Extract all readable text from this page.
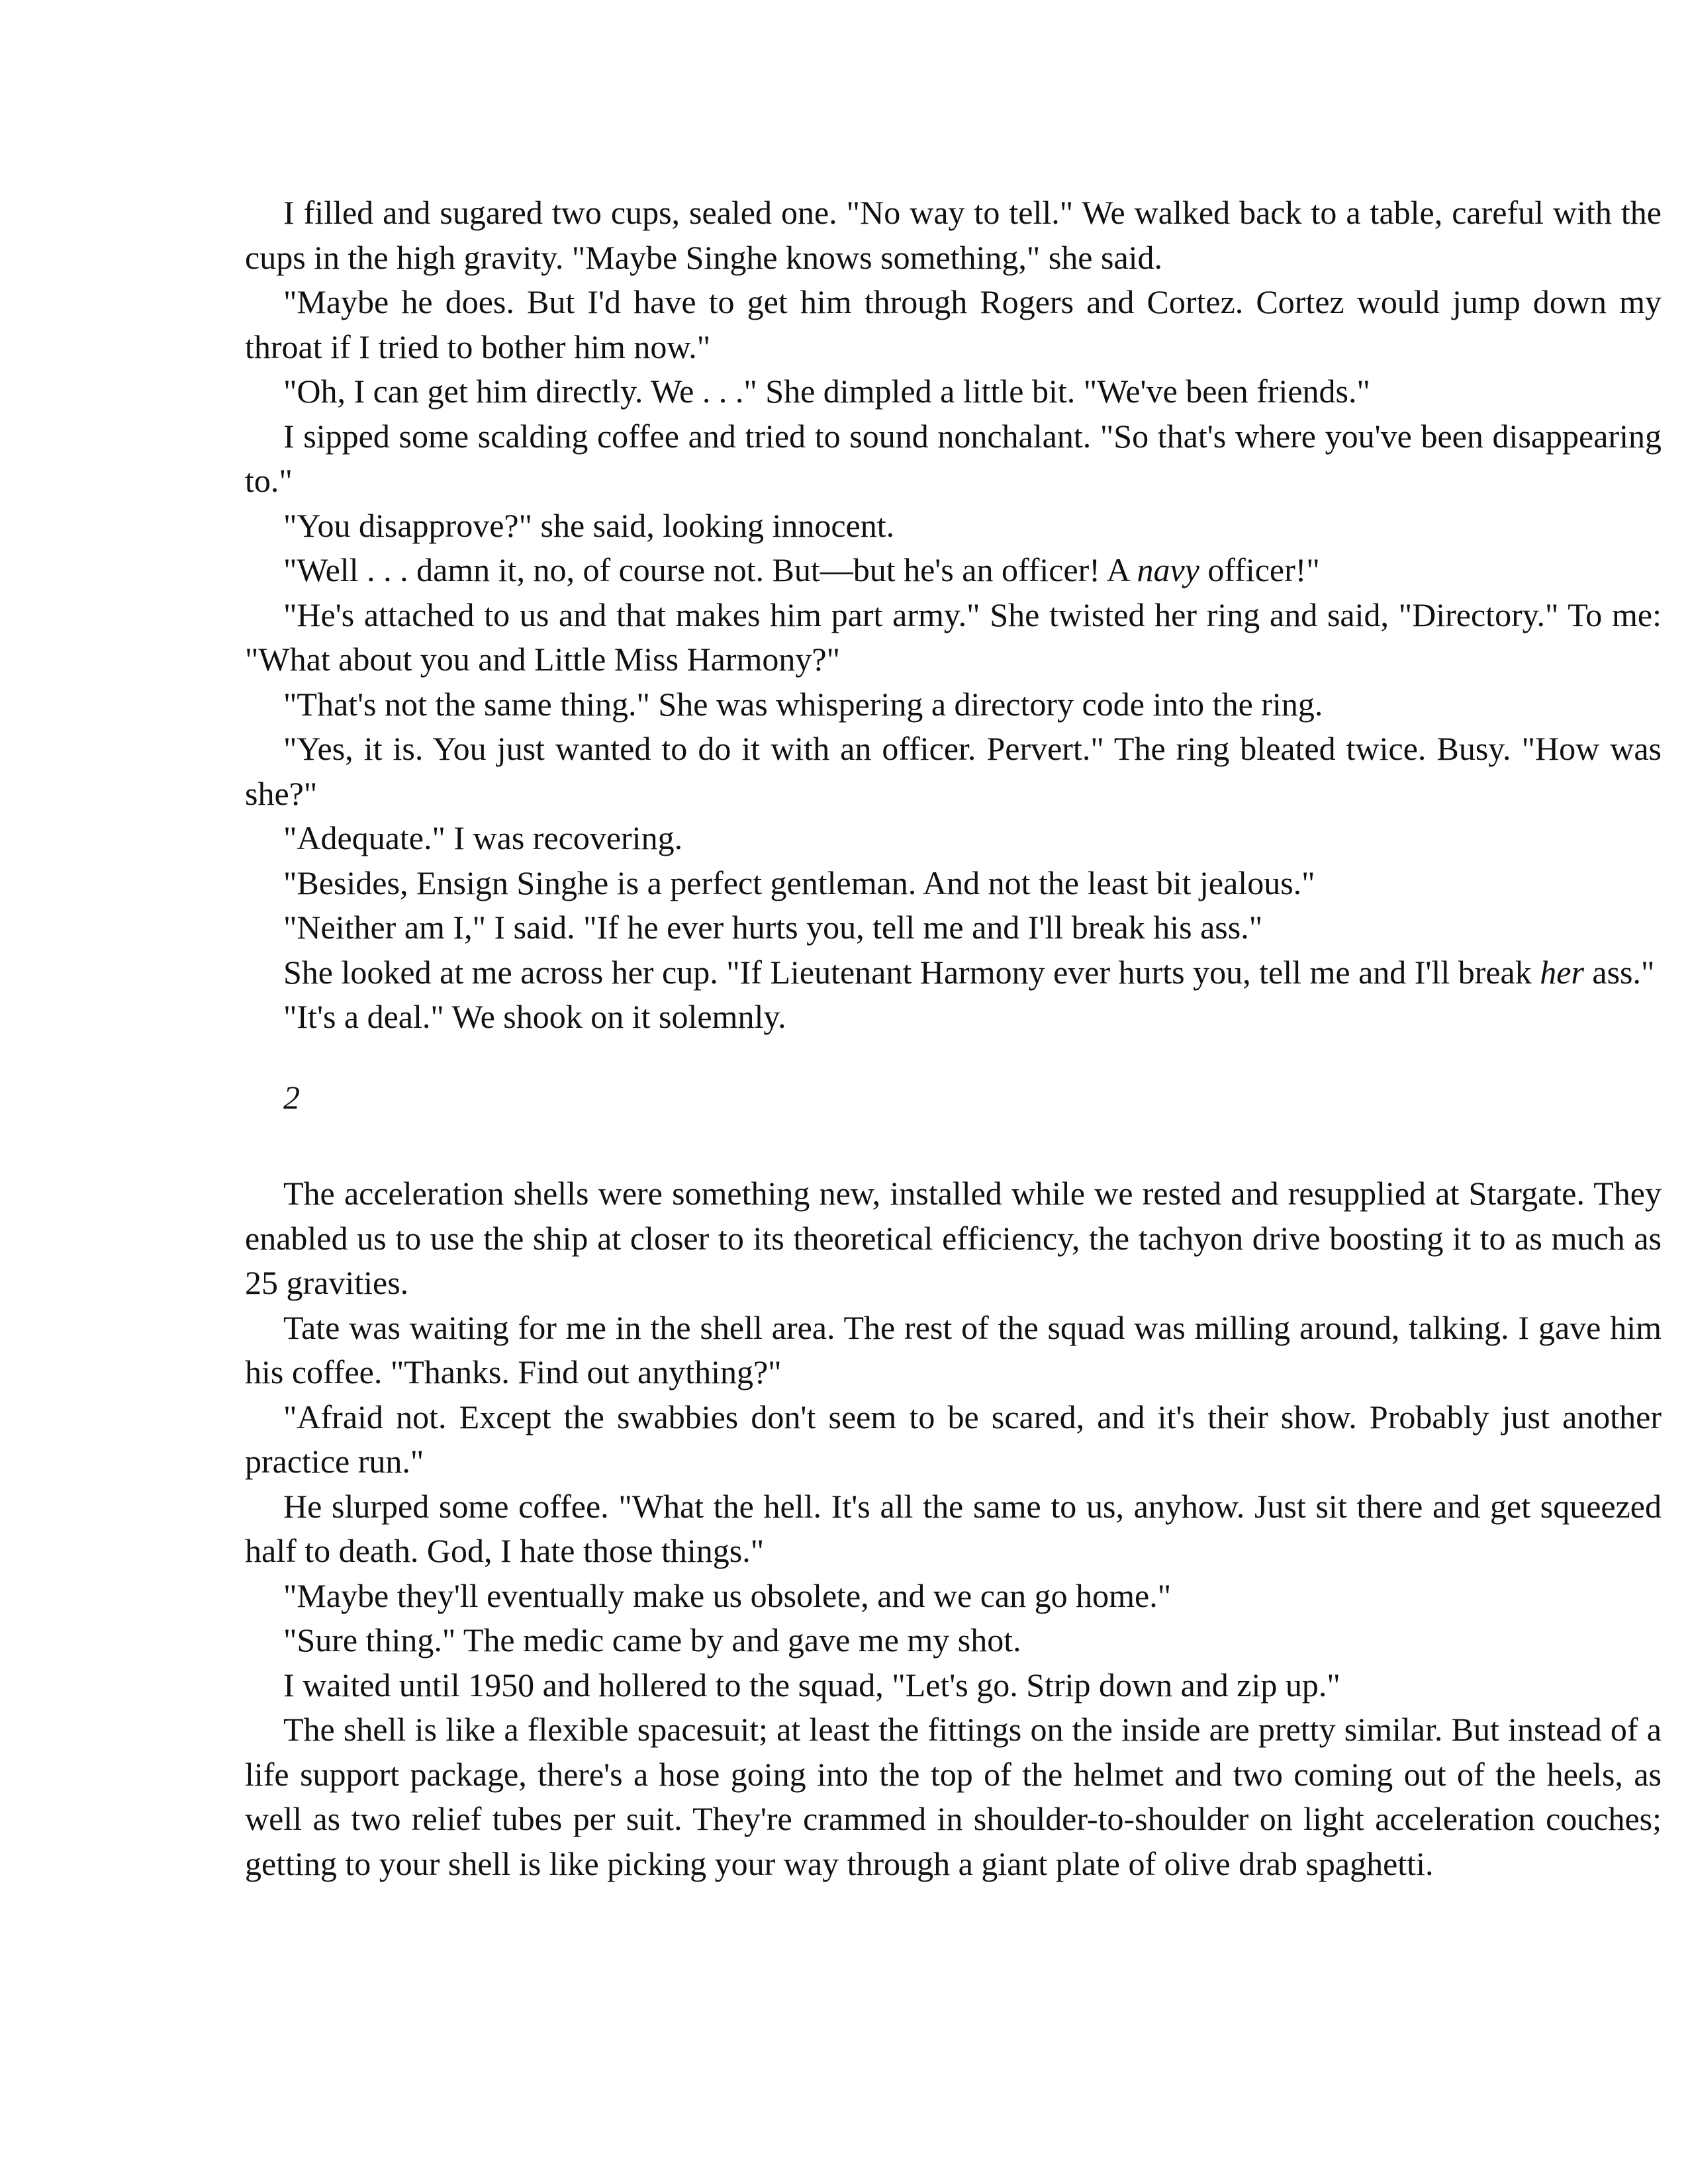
I filled and sugared two cups, sealed one. "No way to tell." We walked back to a table, careful with the cups in the high gravity. "Maybe Singhe knows something," she said.

"Maybe he does. But I'd have to get him through Rogers and Cortez. Cortez would jump down my throat if I tried to bother him now."

"Oh, I can get him directly. We . . ." She dimpled a little bit. "We've been friends."

I sipped some scalding coffee and tried to sound nonchalant. "So that's where you've been disappearing to."

"You disapprove?" she said, looking innocent.

"Well . . . damn it, no, of course not. But—but he's an officer! A navy officer!"

"He's attached to us and that makes him part army." She twisted her ring and said, "Directory." To me: "What about you and Little Miss Harmony?"

"That's not the same thing." She was whispering a directory code into the ring.

"Yes, it is. You just wanted to do it with an officer. Pervert." The ring bleated twice. Busy. "How was she?"

"Adequate." I was recovering.

"Besides, Ensign Singhe is a perfect gentleman. And not the least bit jealous."

"Neither am I," I said. "If he ever hurts you, tell me and I'll break his ass."

She looked at me across her cup. "If Lieutenant Harmony ever hurts you, tell me and I'll break her ass."

"It's a deal." We shook on it solemnly.

2

The acceleration shells were something new, installed while we rested and resupplied at Stargate. They enabled us to use the ship at closer to its theoretical efficiency, the tachyon drive boosting it to as much as 25 gravities.

Tate was waiting for me in the shell area. The rest of the squad was milling around, talking. I gave him his coffee. "Thanks. Find out anything?"

"Afraid not. Except the swabbies don't seem to be scared, and it's their show. Probably just another practice run."

He slurped some coffee. "What the hell. It's all the same to us, anyhow. Just sit there and get squeezed half to death. God, I hate those things."

"Maybe they'll eventually make us obsolete, and we can go home."

"Sure thing." The medic came by and gave me my shot.

I waited until 1950 and hollered to the squad, "Let's go. Strip down and zip up."

The shell is like a flexible spacesuit; at least the fittings on the inside are pretty similar. But instead of a life support package, there's a hose going into the top of the helmet and two coming out of the heels, as well as two relief tubes per suit. They're crammed in shoulder-to-shoulder on light acceleration couches; getting to your shell is like picking your way through a giant plate of olive drab spaghetti.
